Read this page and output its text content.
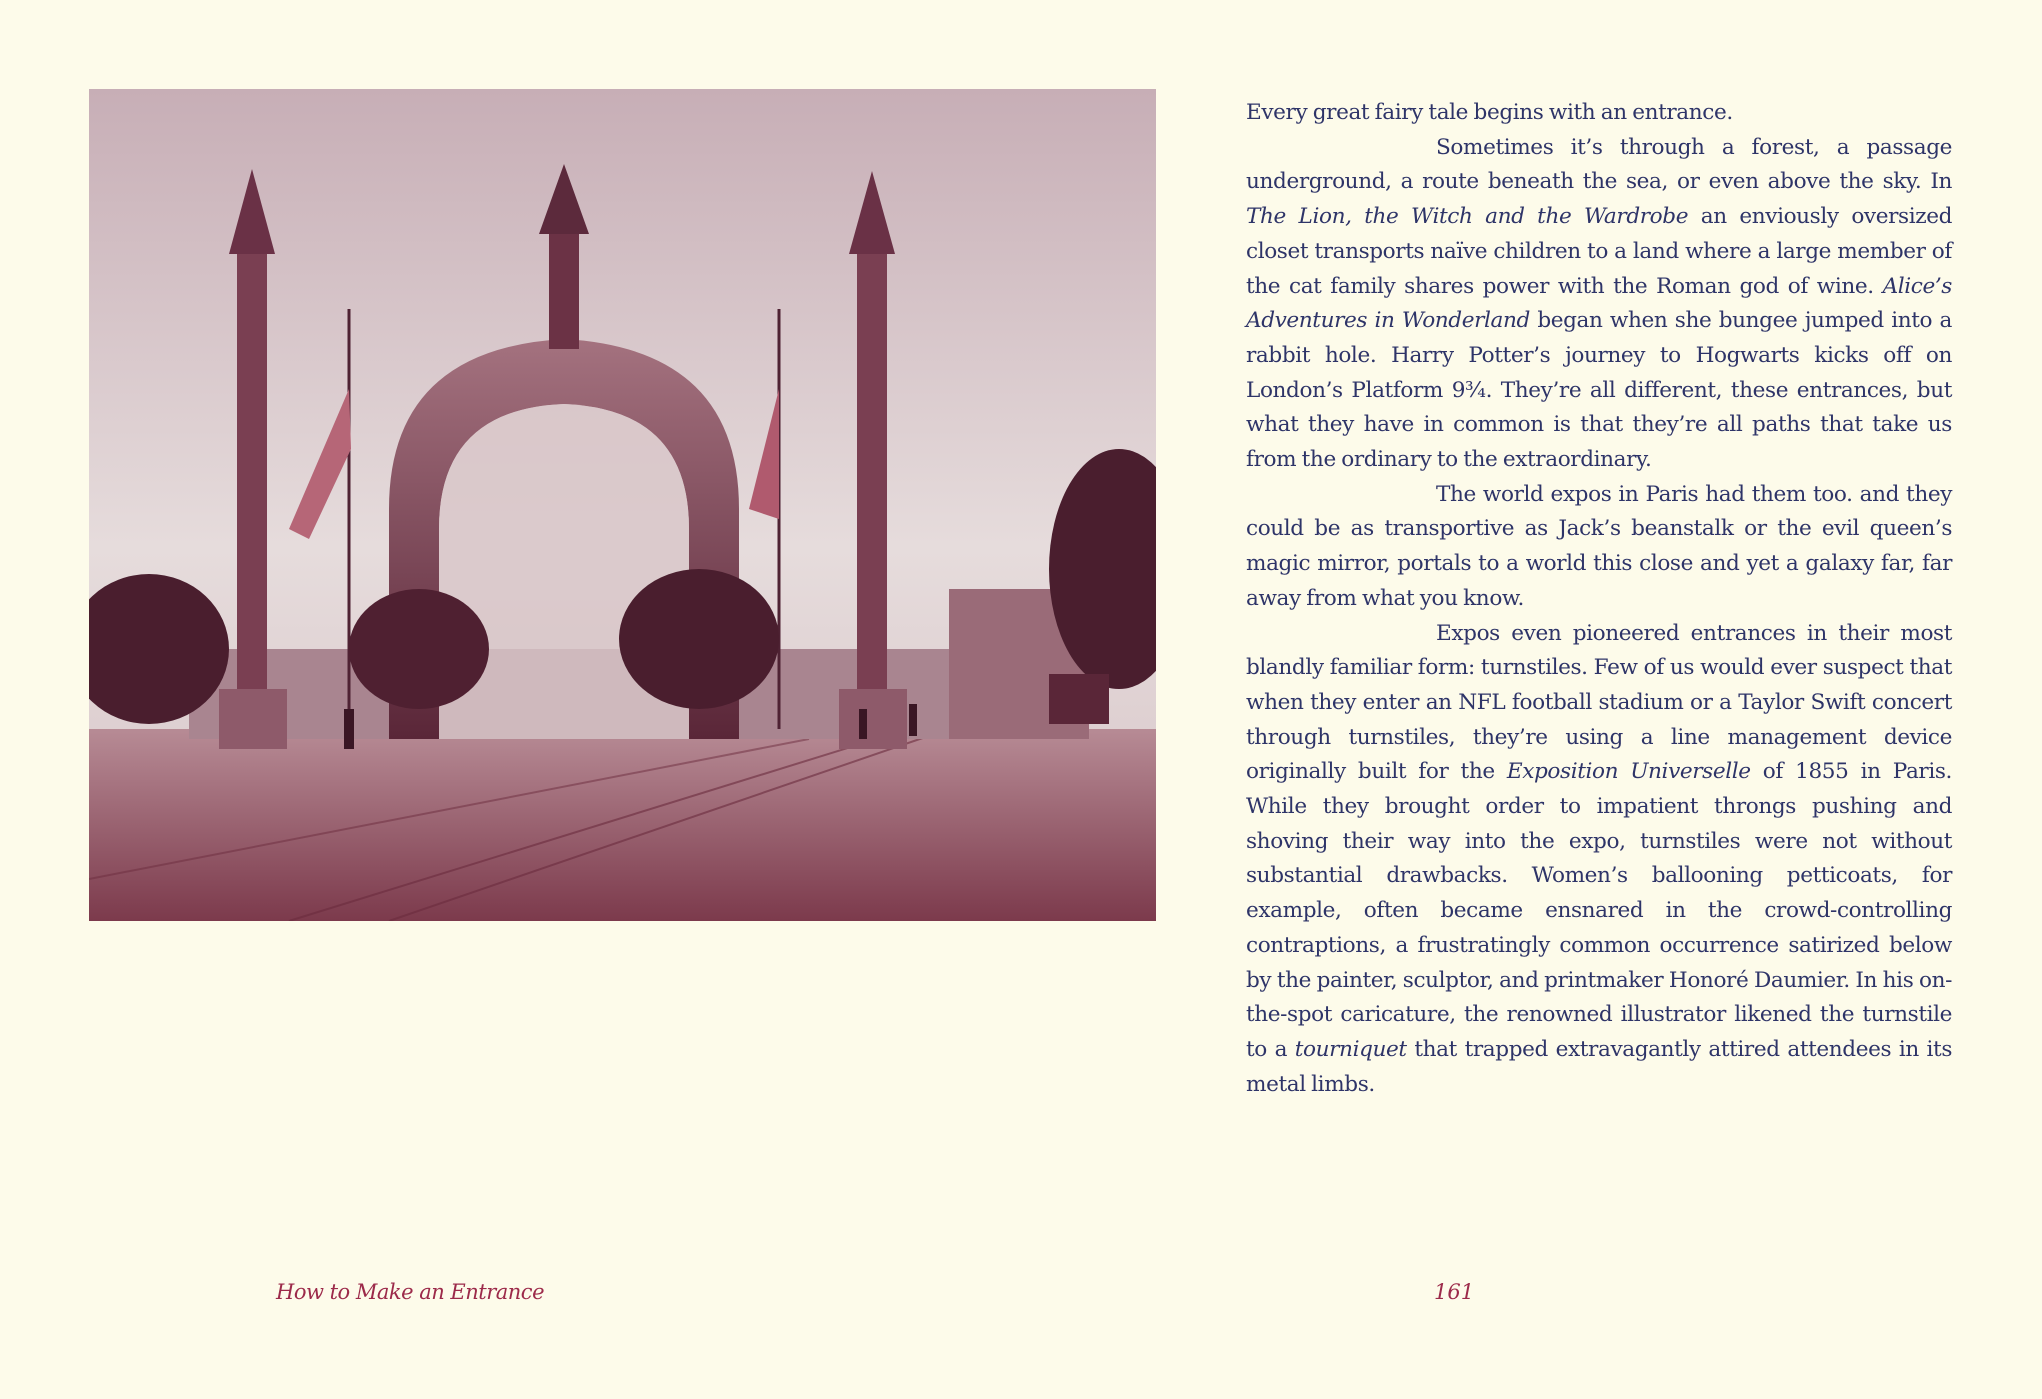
Every great fairy tale begins with an entrance.

Sometimes it’s through a forest, a passage underground, a route beneath the sea, or even above the sky. In The Lion, the Witch and the Wardrobe an enviously oversized closet transports naïve children to a land where a large member of the cat family shares power with the Roman god of wine. Alice’s Adventures in Wonderland began when she bungee jumped into a rabbit hole. Harry Potter’s journey to Hogwarts kicks off on London’s Platform 9¾. They’re all different, these entrances, but what they have in common is that they’re all paths that take us from the ordinary to the extraordinary.

The world expos in Paris had them too. and they could be as transportive as Jack’s beanstalk or the evil queen’s magic mirror, portals to a world this close and yet a galaxy far, far away from what you know.

Expos even pioneered entrances in their most blandly familiar form: turnstiles. Few of us would ever suspect that when they enter an NFL football stadium or a Taylor Swift concert through turnstiles, they’re using a line management device originally built for the Exposition Universelle of 1855 in Paris. While they brought order to impatient throngs pushing and shoving their way into the expo, turnstiles were not without substantial drawbacks. Women’s ballooning petticoats, for example, often became ensnared in the crowd-controlling contraptions, a frustratingly common occurrence satirized below by the painter, sculptor, and printmaker Honoré Daumier. In his on-the-spot caricature, the renowned illustrator likened the turnstile to a tourniquet that trapped extravagantly attired attendees in its metal limbs.

How to Make an Entrance	161
